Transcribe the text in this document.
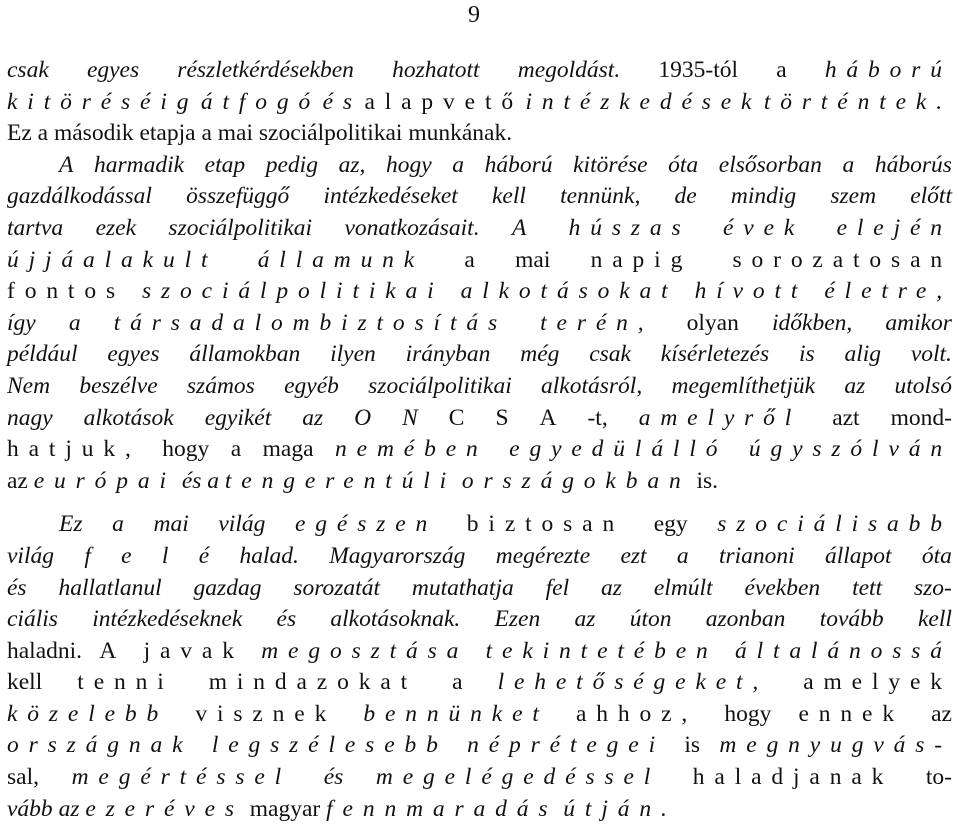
9
csak egyes részletkérdésekben hozhatott megoldást. 1935-tól a háború
kitöréséig átfogó és alapvető intézkedések történtek.
Ez a második etapja a mai szociálpolitikai munkának.
A harmadik etap pedig az, hogy a háború kitörése óta elsősorban a háborús
gazdálkodással összefüggő intézkedéseket kell tennünk, de mindig szem előtt
tartva ezek szociálpolitikai vonatkozásait. A húszas évek elején
újjáalakult államunk a mai napig sorozatosan
fontos szociálpolitikai alkotásokat hívott életre,
így a társadalombiztosítás terén, olyan időkben, amikor
például egyes államokban ilyen irányban még csak kísérletezés is alig volt.
Nem beszélve számos egyéb szociálpolitikai alkotásról, megemlíthetjük az utolsó
nagy alkotások egyikét az O N C S A -t, amelyről azt mond-
hatjuk, hogy a maga nemében egyedülálló úgyszólván
az
európai
és
a
tengerentúli
országokban
is.
Ez a mai világ egészen biztosan egy szociálisabb
világ f e l é halad. Magyarország megérezte ezt a trianoni állapot óta
és hallatlanul gazdag sorozatát mutathatja fel az elmúlt években tett szo-
ciális intézkedéseknek és alkotásoknak. Ezen az úton azonban tovább kell
haladni. A javak megosztása tekintetében általánossá
kell tenni mindazokat a lehetőségeket, amelyek
közelebb visznek bennünket ahhoz, hogy ennek az
országnak legszélesebb néprétegei is megnyugvás-
sal, megértéssel és megelégedéssel haladjanak to-
vább
az
ezeréves
magyar
fennmaradás
útján.
